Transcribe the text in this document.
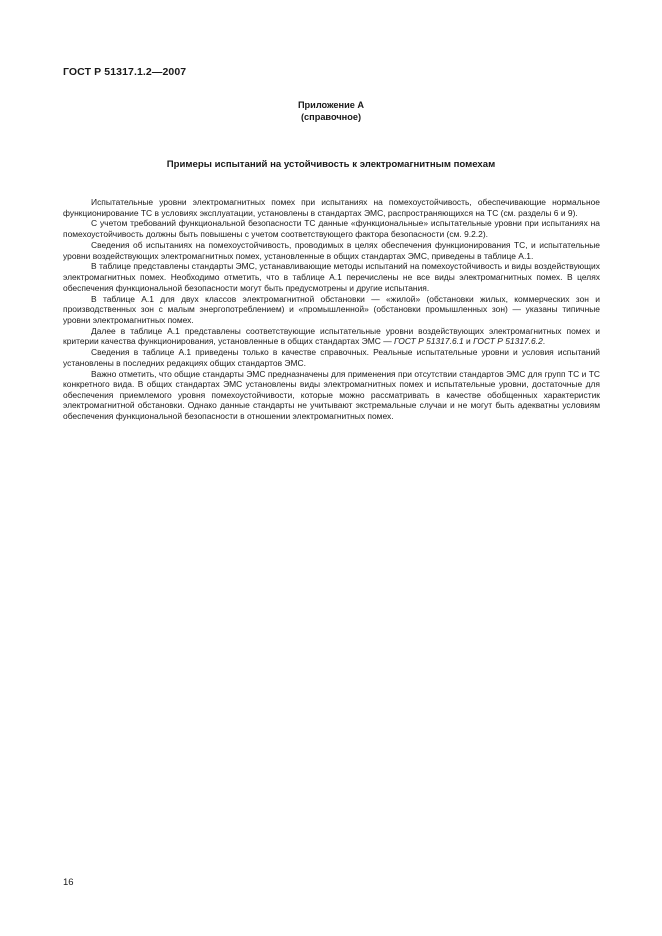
ГОСТ Р 51317.1.2—2007
Приложение А
(справочное)
Примеры испытаний на устойчивость к электромагнитным помехам

Испытательные уровни электромагнитных помех при испытаниях на помехоустойчивость, обеспечивающие нормальное функционирование ТС в условиях эксплуатации, установлены в стандартах ЭМС, распространяющихся на ТС (см. разделы 6 и 9).

С учетом требований функциональной безопасности ТС данные «функциональные» испытательные уровни при испытаниях на помехоустойчивость должны быть повышены с учетом соответствующего фактора безопасности (см. 9.2.2).

Сведения об испытаниях на помехоустойчивость, проводимых в целях обеспечения функционирования ТС, и испытательные уровни воздействующих электромагнитных помех, установленные в общих стандартах ЭМС, приведены в таблице А.1.

В таблице представлены стандарты ЭМС, устанавливающие методы испытаний на помехоустойчивость и виды воздействующих электромагнитных помех. Необходимо отметить, что в таблице А.1 перечислены не все виды электромагнитных помех. В целях обеспечения функциональной безопасности могут быть предусмотрены и другие испытания.

В таблице А.1 для двух классов электромагнитной обстановки — «жилой» (обстановки жилых, коммерческих зон и производственных зон с малым энергопотреблением) и «промышленной» (обстановки промышленных зон) — указаны типичные уровни электромагнитных помех.

Далее в таблице А.1 представлены соответствующие испытательные уровни воздействующих электромагнитных помех и критерии качества функционирования, установленные в общих стандартах ЭМС — ГОСТ Р 51317.6.1 и ГОСТ Р 51317.6.2.

Сведения в таблице А.1 приведены только в качестве справочных. Реальные испытательные уровни и условия испытаний установлены в последних редакциях общих стандартов ЭМС.

Важно отметить, что общие стандарты ЭМС предназначены для применения при отсутствии стандартов ЭМС для групп ТС и ТС конкретного вида. В общих стандартах ЭМС установлены виды электромагнитных помех и испытательные уровни, достаточные для обеспечения приемлемого уровня помехоустойчивости, которые можно рассматривать в качестве обобщенных характеристик электромагнитной обстановки. Однако данные стандарты не учитывают экстремальные случаи и не могут быть адекватны условиям обеспечения функциональной безопасности в отношении электромагнитных помех.

16
